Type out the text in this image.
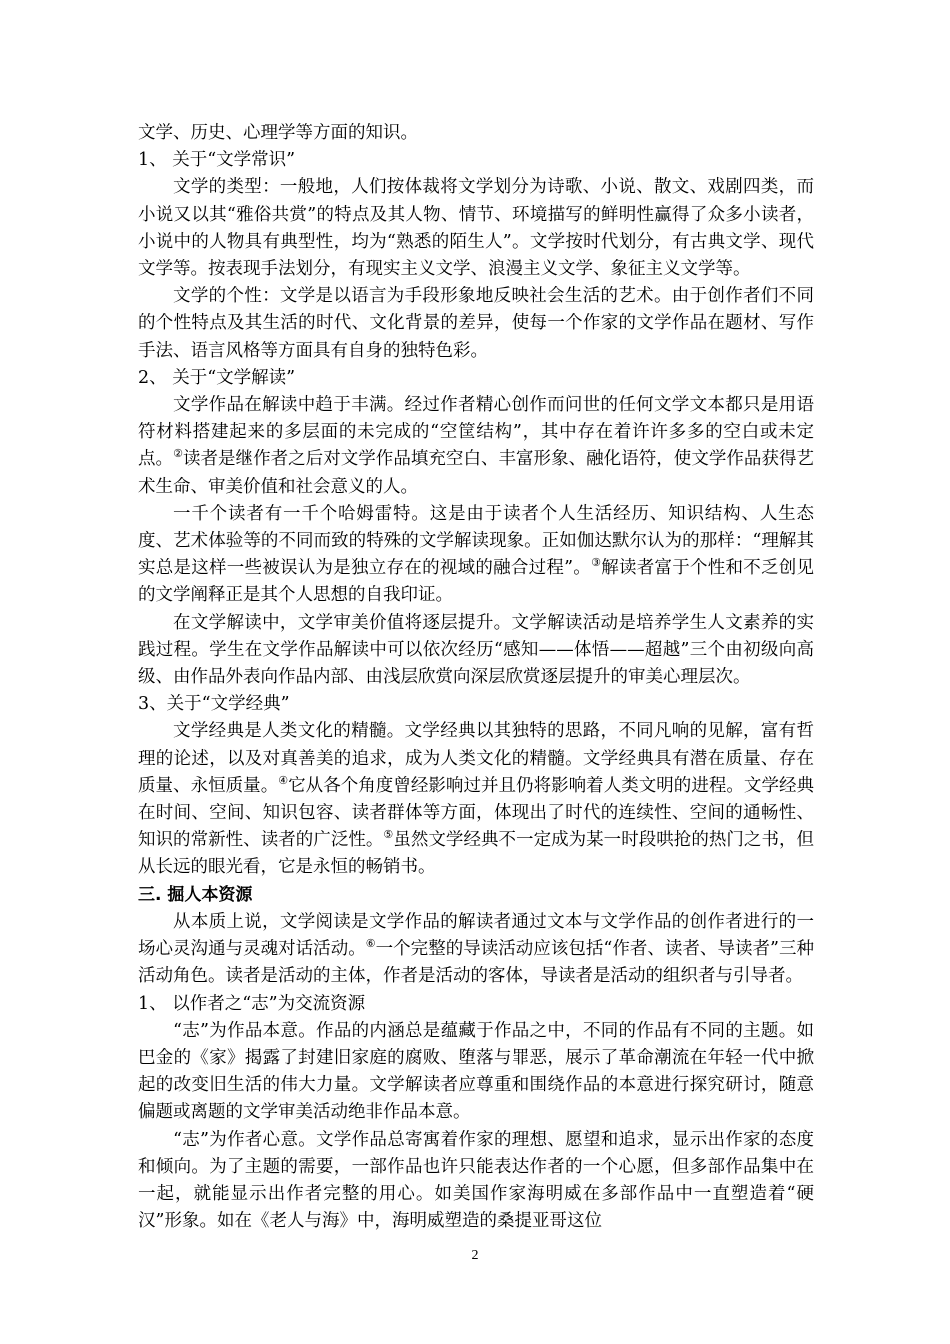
文学、历史、心理学等方面的知识。

1、 关于“文学常识”

文学的类型：一般地，人们按体裁将文学划分为诗歌、小说、散文、戏剧四类，而小说又以其“雅俗共赏”的特点及其人物、情节、环境描写的鲜明性赢得了众多小读者，小说中的人物具有典型性，均为“熟悉的陌生人”。文学按时代划分，有古典文学、现代文学等。按表现手法划分，有现实主义文学、浪漫主义文学、象征主义文学等。

文学的个性：文学是以语言为手段形象地反映社会生活的艺术。由于创作者们不同的个性特点及其生活的时代、文化背景的差异，使每一个作家的文学作品在题材、写作手法、语言风格等方面具有自身的独特色彩。

2、 关于“文学解读”

文学作品在解读中趋于丰满。经过作者精心创作而问世的任何文学文本都只是用语符材料搭建起来的多层面的未完成的“空筐结构”，其中存在着许许多多的空白或未定点。②读者是继作者之后对文学作品填充空白、丰富形象、融化语符，使文学作品获得艺术生命、审美价值和社会意义的人。

一千个读者有一千个哈姆雷特。这是由于读者个人生活经历、知识结构、人生态度、艺术体验等的不同而致的特殊的文学解读现象。正如伽达默尔认为的那样：“理解其实总是这样一些被误认为是独立存在的视域的融合过程”。③解读者富于个性和不乏创见的文学阐释正是其个人思想的自我印证。

在文学解读中，文学审美价值将逐层提升。文学解读活动是培养学生人文素养的实践过程。学生在文学作品解读中可以依次经历“感知——体悟——超越”三个由初级向高级、由作品外表向作品内部、由浅层欣赏向深层欣赏逐层提升的审美心理层次。

3、关于“文学经典”

文学经典是人类文化的精髓。文学经典以其独特的思路，不同凡响的见解，富有哲理的论述，以及对真善美的追求，成为人类文化的精髓。文学经典具有潜在质量、存在质量、永恒质量。④它从各个角度曾经影响过并且仍将影响着人类文明的进程。文学经典在时间、空间、知识包容、读者群体等方面，体现出了时代的连续性、空间的通畅性、知识的常新性、读者的广泛性。⑤虽然文学经典不一定成为某一时段哄抢的热门之书，但从长远的眼光看，它是永恒的畅销书。

三. 掘人本资源

从本质上说，文学阅读是文学作品的解读者通过文本与文学作品的创作者进行的一场心灵沟通与灵魂对话活动。⑥一个完整的导读活动应该包括“作者、读者、导读者”三种活动角色。读者是活动的主体，作者是活动的客体，导读者是活动的组织者与引导者。

1、 以作者之“志”为交流资源

“志”为作品本意。作品的内涵总是蕴藏于作品之中，不同的作品有不同的主题。如巴金的《家》揭露了封建旧家庭的腐败、堕落与罪恶，展示了革命潮流在年轻一代中掀起的改变旧生活的伟大力量。文学解读者应尊重和围绕作品的本意进行探究研讨，随意偏题或离题的文学审美活动绝非作品本意。

“志”为作者心意。文学作品总寄寓着作家的理想、愿望和追求，显示出作家的态度和倾向。为了主题的需要，一部作品也许只能表达作者的一个心愿，但多部作品集中在一起，就能显示出作者完整的用心。如美国作家海明威在多部作品中一直塑造着“硬汉”形象。如在《老人与海》中，海明威塑造的桑提亚哥这位

2
